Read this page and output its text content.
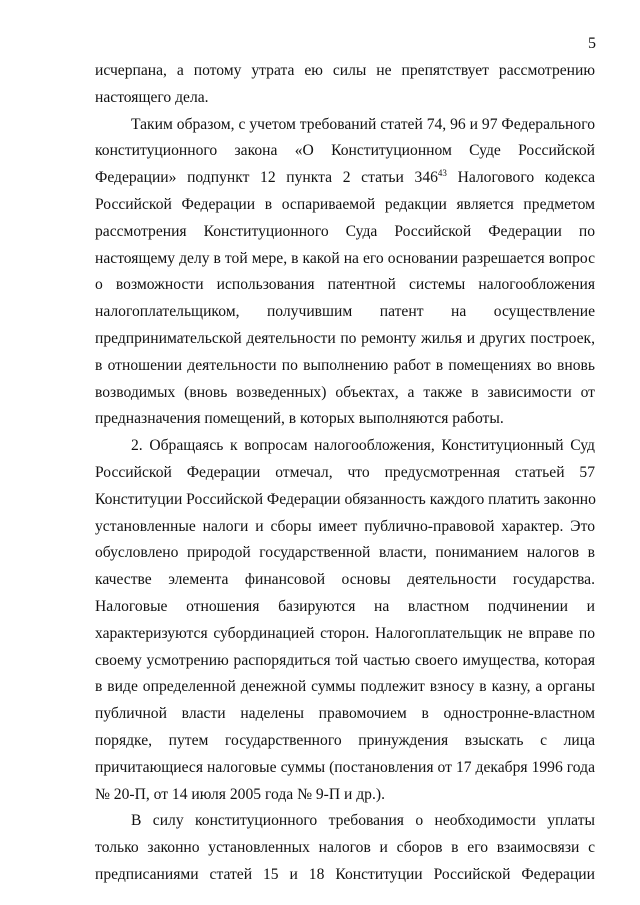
5

исчерпана, а потому утрата ею силы не препятствует рассмотрению
настоящего дела.

Таким образом, с учетом требований статей 74, 96 и 97 Федерального
конституционного закона «О Конституционном Суде Российской
Федерации» подпункт 12 пункта 2 статьи $346^{43}$ Налогового кодекса
Российской Федерации в оспариваемой редакции является предметом
рассмотрения Конституционного Суда Российской Федерации по
настоящему делу в той мере, в какой на его основании разрешается вопрос
о возможности использования патентной системы налогообложения
налогоплательщиком, получившим патент на осуществление
предпринимательской деятельности по ремонту жилья и других построек,
в отношении деятельности по выполнению работ в помещениях во вновь
возводимых (вновь возведенных) объектах, а также в зависимости от
предназначения помещений, в которых выполняются работы.

2. Обращаясь к вопросам налогообложения, Конституционный Суд
Российской Федерации отмечал, что предусмотренная статьей 57
Конституции Российской Федерации обязанность каждого платить законно
установленные налоги и сборы имеет публично-правовой характер. Это
обусловлено природой государственной власти, пониманием налогов в
качестве элемента финансовой основы деятельности государства.
Налоговые отношения базируются на властном подчинении и
характеризуются субординацией сторон. Налогоплательщик не вправе по
своему усмотрению распорядиться той частью своего имущества, которая
в виде определенной денежной суммы подлежит взносу в казну, а органы
публичной власти наделены правомочием в одностронне-властном
порядке, путем государственного принуждения взыскать с лица
причитающиеся налоговые суммы (постановления от 17 декабря 1996 года
№ 20-П, от 14 июля 2005 года № 9-П и др.).

В силу конституционного требования о необходимости уплаты
только законно установленных налогов и сборов в его взаимосвязи с
предписаниями статей 15 и 18 Конституции Российской Федерации
